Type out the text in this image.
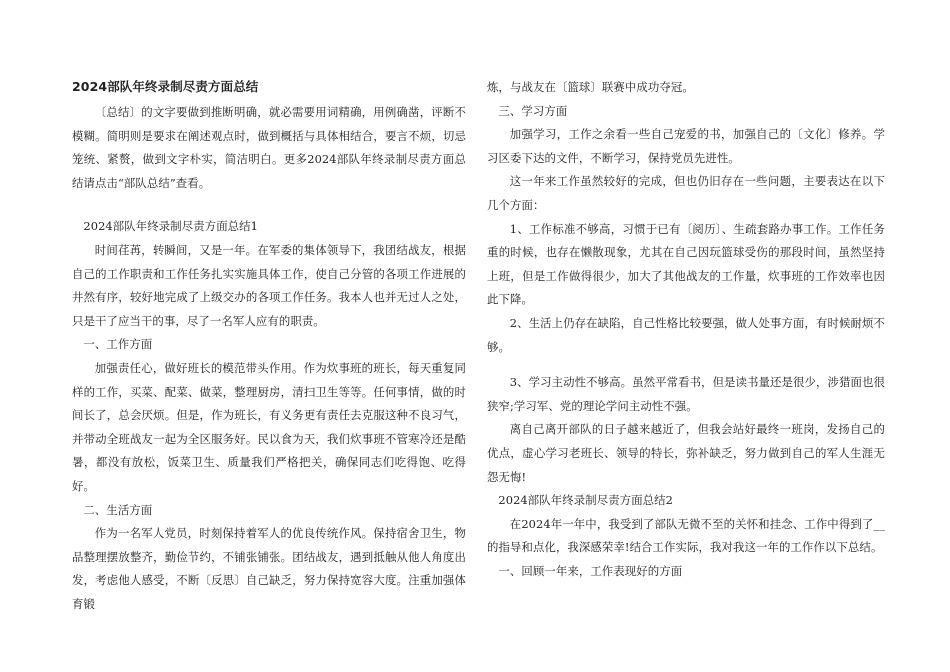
2024部队年终录制尽责方面总结

〔总结〕的文字要做到推断明确，就必需要用词精确，用例确凿，评断不模糊。简明则是要求在阐述观点时，做到概括与具体相结合，要言不烦，切忌笼统、紧赘，做到文字朴实，简洁明白。更多2024部队年终录制尽责方面总结请点击“部队总结”查看。

2024部队年终录制尽责方面总结1

时间荏苒，转瞬间，又是一年。在军委的集体领导下，我团结战友，根据自己的工作职责和工作任务扎实实施具体工作，使自己分管的各项工作进展的井然有序，较好地完成了上级交办的各项工作任务。我本人也并无过人之处，只是干了应当干的事，尽了一名军人应有的职责。

一、工作方面

加强责任心，做好班长的模范带头作用。作为炊事班的班长，每天重复同样的工作，买菜、配菜、做菜，整理厨房，清扫卫生等等。任何事情，做的时间长了，总会厌烦。但是，作为班长，有义务更有责任去克服这种不良习气，并带动全班战友一起为全区服务好。民以食为天，我们炊事班不管寒冷还是酷暑，都没有放松，饭菜卫生、质量我们严格把关，确保同志们吃得饱、吃得好。

二、生活方面

作为一名军人党员，时刻保持着军人的优良传统作风。保持宿舍卫生，物品整理摆放整齐，勤俭节约，不铺张铺张。团结战友，遇到抵触从他人角度出发，考虑他人感受，不断〔反思〕自己缺乏，努力保持宽容大度。注重加强体育锻

炼，与战友在〔篮球〕联赛中成功夺冠。

三、学习方面

加强学习，工作之余看一些自己宠爱的书，加强自己的〔文化〕修养。学习区委下达的文件，不断学习，保持党员先进性。

这一年来工作虽然较好的完成，但也仍旧存在一些问题，主要表达在以下几个方面：

1、工作标准不够高，习惯于已有〔阅历〕、生疏套路办事工作。工作任务重的时候，也存在懒散现象，尤其在自己因玩篮球受伤的那段时间，虽然坚持上班，但是工作做得很少，加大了其他战友的工作量，炊事班的工作效率也因此下降。

2、生活上仍存在缺陷，自己性格比较要强，做人处事方面，有时候耐烦不够。

3、学习主动性不够高。虽然平常看书，但是读书量还是很少，涉猎面也很狭窄;学习军、党的理论学问主动性不强。

离自己离开部队的日子越来越近了，但我会站好最终一班岗，发扬自己的优点，虚心学习老班长、领导的特长，弥补缺乏，努力做到自己的军人生涯无怨无悔!

2024部队年终录制尽责方面总结2

在2024年一年中，我受到了部队无微不至的关怀和挂念、工作中得到了__的指导和点化，我深感荣幸!结合工作实际，我对我这一年的工作作以下总结。

一、回顾一年来，工作表现好的方面
